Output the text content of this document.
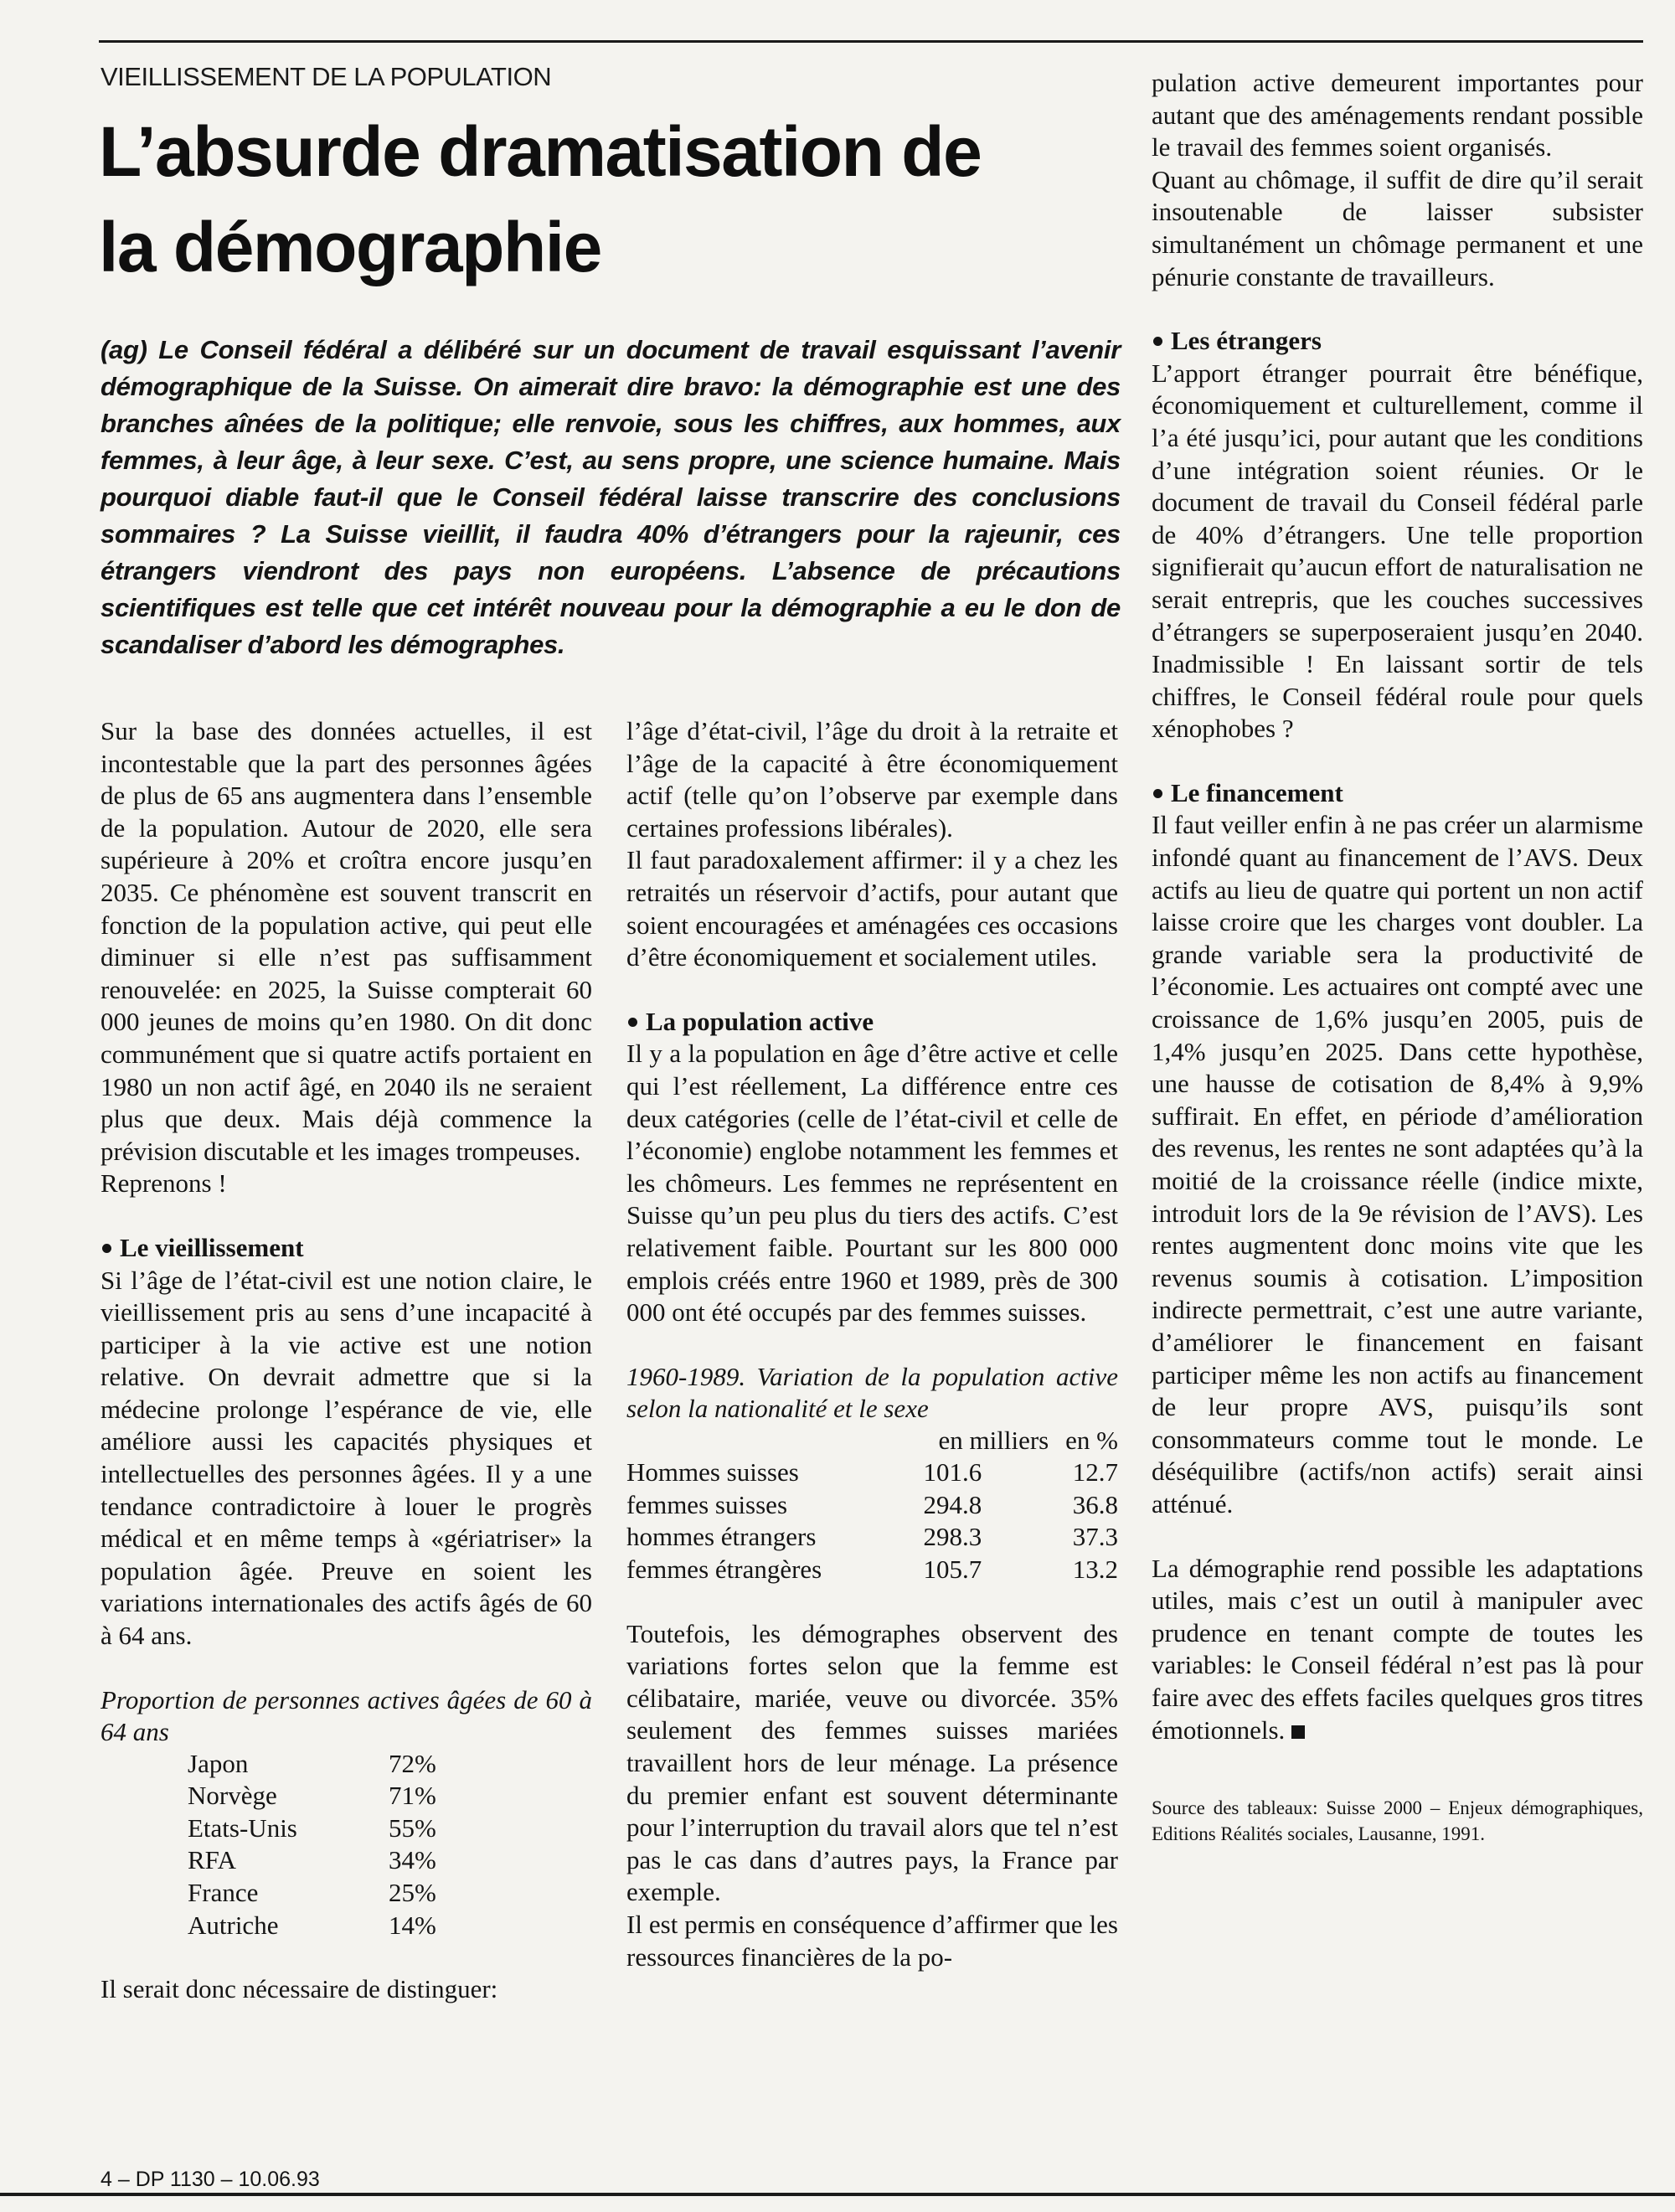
VIEILLISSEMENT DE LA POPULATION
L’absurde dramatisation de
la démographie

(ag) Le Conseil fédéral a délibéré sur un document de travail esquissant l’avenir démographique de la Suisse. On aimerait dire bravo: la démographie est une des branches aînées de la politique; elle renvoie, sous les chiffres, aux hommes, aux femmes, à leur âge, à leur sexe. C’est, au sens propre, une science humaine. Mais pourquoi diable faut-il que le Conseil fédéral laisse transcrire des conclusions sommaires ? La Suisse vieillit, il faudra 40% d’étrangers pour la rajeunir, ces étrangers viendront des pays non européens. L’absence de précautions scientifiques est telle que cet intérêt nouveau pour la démographie a eu le don de scandaliser d’abord les démographes.

Sur la base des données actuelles, il est incontestable que la part des personnes âgées de plus de 65 ans augmentera dans l’ensemble de la population. Autour de 2020, elle sera supérieure à 20% et croîtra encore jusqu’en 2035. Ce phénomène est souvent transcrit en fonction de la population active, qui peut elle diminuer si elle n’est pas suffisamment renouvelée: en 2025, la Suisse compterait 60 000 jeunes de moins qu’en 1980. On dit donc communément que si quatre actifs portaient en 1980 un non actif âgé, en 2040 ils ne seraient plus que deux. Mais déjà commence la prévision discutable et les images trompeuses.

Reprenons !

Le vieillissement

Si l’âge de l’état-civil est une notion claire, le vieillissement pris au sens d’une incapacité à participer à la vie active est une notion relative. On devrait admettre que si la médecine prolonge l’espérance de vie, elle améliore aussi les capacités physiques et intellectuelles des personnes âgées. Il y a une tendance contradictoire à louer le progrès médical et en même temps à «gériatriser» la population âgée. Preuve en soient les variations internationales des actifs âgés de 60 à 64 ans.

Proportion de personnes actives âgées de 60 à 64 ans

Japon	72%
Norvège	71%
Etats-Unis	55%
RFA	34%
France	25%
Autriche	14%

Il serait donc nécessaire de distinguer:

l’âge d’état-civil, l’âge du droit à la retraite et l’âge de la capacité à être économiquement actif (telle qu’on l’observe par exemple dans certaines professions libérales).

Il faut paradoxalement affirmer: il y a chez les retraités un réservoir d’actifs, pour autant que soient encouragées et aménagées ces occasions d’être économiquement et socialement utiles.

La population active

Il y a la population en âge d’être active et celle qui l’est réellement, La différence entre ces deux catégories (celle de l’état-civil et celle de l’économie) englobe notamment les femmes et les chômeurs. Les femmes ne représentent en Suisse qu’un peu plus du tiers des actifs. C’est relativement faible. Pourtant sur les 800 000 emplois créés entre 1960 et 1989, près de 300 000 ont été occupés par des femmes suisses.

1960-1989. Variation de la population active selon la nationalité et le sexe

	en milliers	en %
Hommes suisses	101.6	12.7
femmes suisses	294.8	36.8
hommes étrangers	298.3	37.3
femmes étrangères	105.7	13.2

Toutefois, les démographes observent des variations fortes selon que la femme est célibataire, mariée, veuve ou divorcée. 35% seulement des femmes suisses mariées travaillent hors de leur ménage. La présence du premier enfant est souvent déterminante pour l’interruption du travail alors que tel n’est pas le cas dans d’autres pays, la France par exemple.

Il est permis en conséquence d’affirmer que les ressources financières de la po-

pulation active demeurent importantes pour autant que des aménagements rendant possible le travail des femmes soient organisés.

Quant au chômage, il suffit de dire qu’il serait insoutenable de laisser subsister simultanément un chômage permanent et une pénurie constante de travailleurs.

Les étrangers

L’apport étranger pourrait être bénéfique, économiquement et culturellement, comme il l’a été jusqu’ici, pour autant que les conditions d’une intégration soient réunies. Or le document de travail du Conseil fédéral parle de 40% d’étrangers. Une telle proportion signifierait qu’aucun effort de naturalisation ne serait entrepris, que les couches successives d’étrangers se superposeraient jusqu’en 2040. Inadmissible ! En laissant sortir de tels chiffres, le Conseil fédéral roule pour quels xénophobes ?

Le financement

Il faut veiller enfin à ne pas créer un alarmisme infondé quant au financement de l’AVS. Deux actifs au lieu de quatre qui portent un non actif laisse croire que les charges vont doubler. La grande variable sera la productivité de l’économie. Les actuaires ont compté avec une croissance de 1,6% jusqu’en 2005, puis de 1,4% jusqu’en 2025. Dans cette hypothèse, une hausse de cotisation de 8,4% à 9,9% suffirait. En effet, en période d’amélioration des revenus, les rentes ne sont adaptées qu’à la moitié de la croissance réelle (indice mixte, introduit lors de la 9e révision de l’AVS). Les rentes augmentent donc moins vite que les revenus soumis à cotisation. L’imposition indirecte permettrait, c’est une autre variante, d’améliorer le financement en faisant participer même les non actifs au financement de leur propre AVS, puisqu’ils sont consommateurs comme tout le monde. Le déséquilibre (actifs/non actifs) serait ainsi atténué.

La démographie rend possible les adaptations utiles, mais c’est un outil à manipuler avec prudence en tenant compte de toutes les variables: le Conseil fédéral n’est pas là pour faire avec des effets faciles quelques gros titres émotionnels.

Source des tableaux: Suisse 2000 – Enjeux démographiques, Editions Réalités sociales, Lausanne, 1991.

4 – DP 1130 – 10.06.93
